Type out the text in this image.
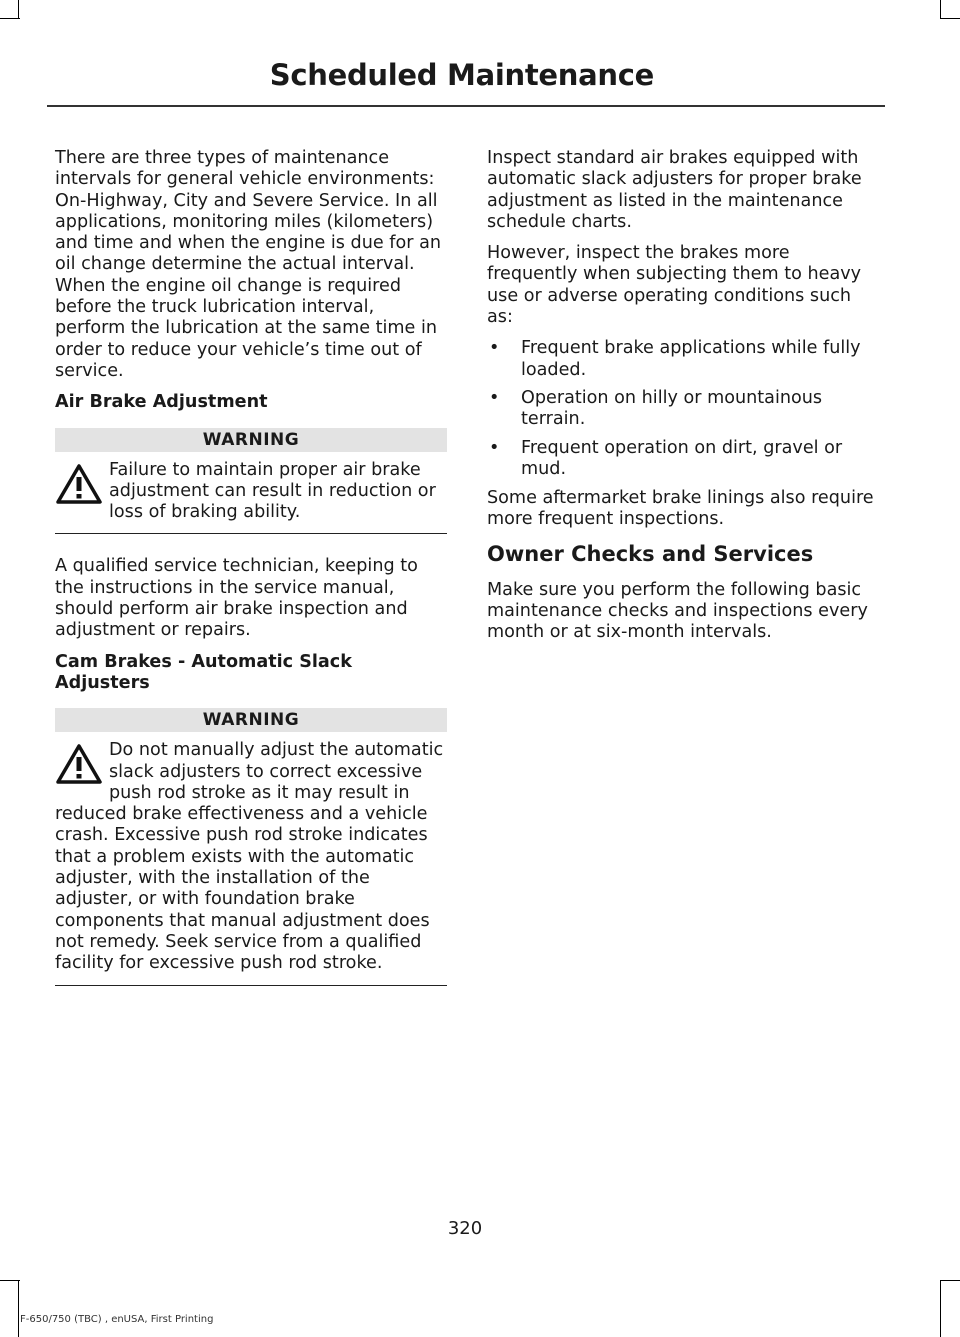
Scheduled Maintenance

There are three types of maintenance intervals for general vehicle environments: On-Highway, City and Severe Service. In all applications, monitoring miles (kilometers) and time and when the engine is due for an oil change determine the actual interval. When the engine oil change is required before the truck lubrication interval, perform the lubrication at the same time in order to reduce your vehicle’s time out of service.

Air Brake Adjustment
WARNING

Failure to maintain proper air brake adjustment can result in reduction or loss of braking ability.

A qualified service technician, keeping to the instructions in the service manual, should perform air brake inspection and adjustment or repairs.

Cam Brakes - Automatic Slack Adjusters
WARNING

Do not manually adjust the automatic slack adjusters to correct excessive push rod stroke as it may result in reduced brake effectiveness and a vehicle crash. Excessive push rod stroke indicates that a problem exists with the automatic adjuster, with the installation of the adjuster, or with foundation brake components that manual adjustment does not remedy. Seek service from a qualified facility for excessive push rod stroke.

Inspect standard air brakes equipped with automatic slack adjusters for proper brake adjustment as listed in the maintenance schedule charts.

However, inspect the brakes more frequently when subjecting them to heavy use or adverse operating conditions such as:

• Frequent brake applications while fully loaded.
• Operation on hilly or mountainous terrain.
• Frequent operation on dirt, gravel or mud.

Some aftermarket brake linings also require more frequent inspections.

Owner Checks and Services

Make sure you perform the following basic maintenance checks and inspections every month or at six-month intervals.

320
F-650/750 (TBC) , enUSA, First Printing
